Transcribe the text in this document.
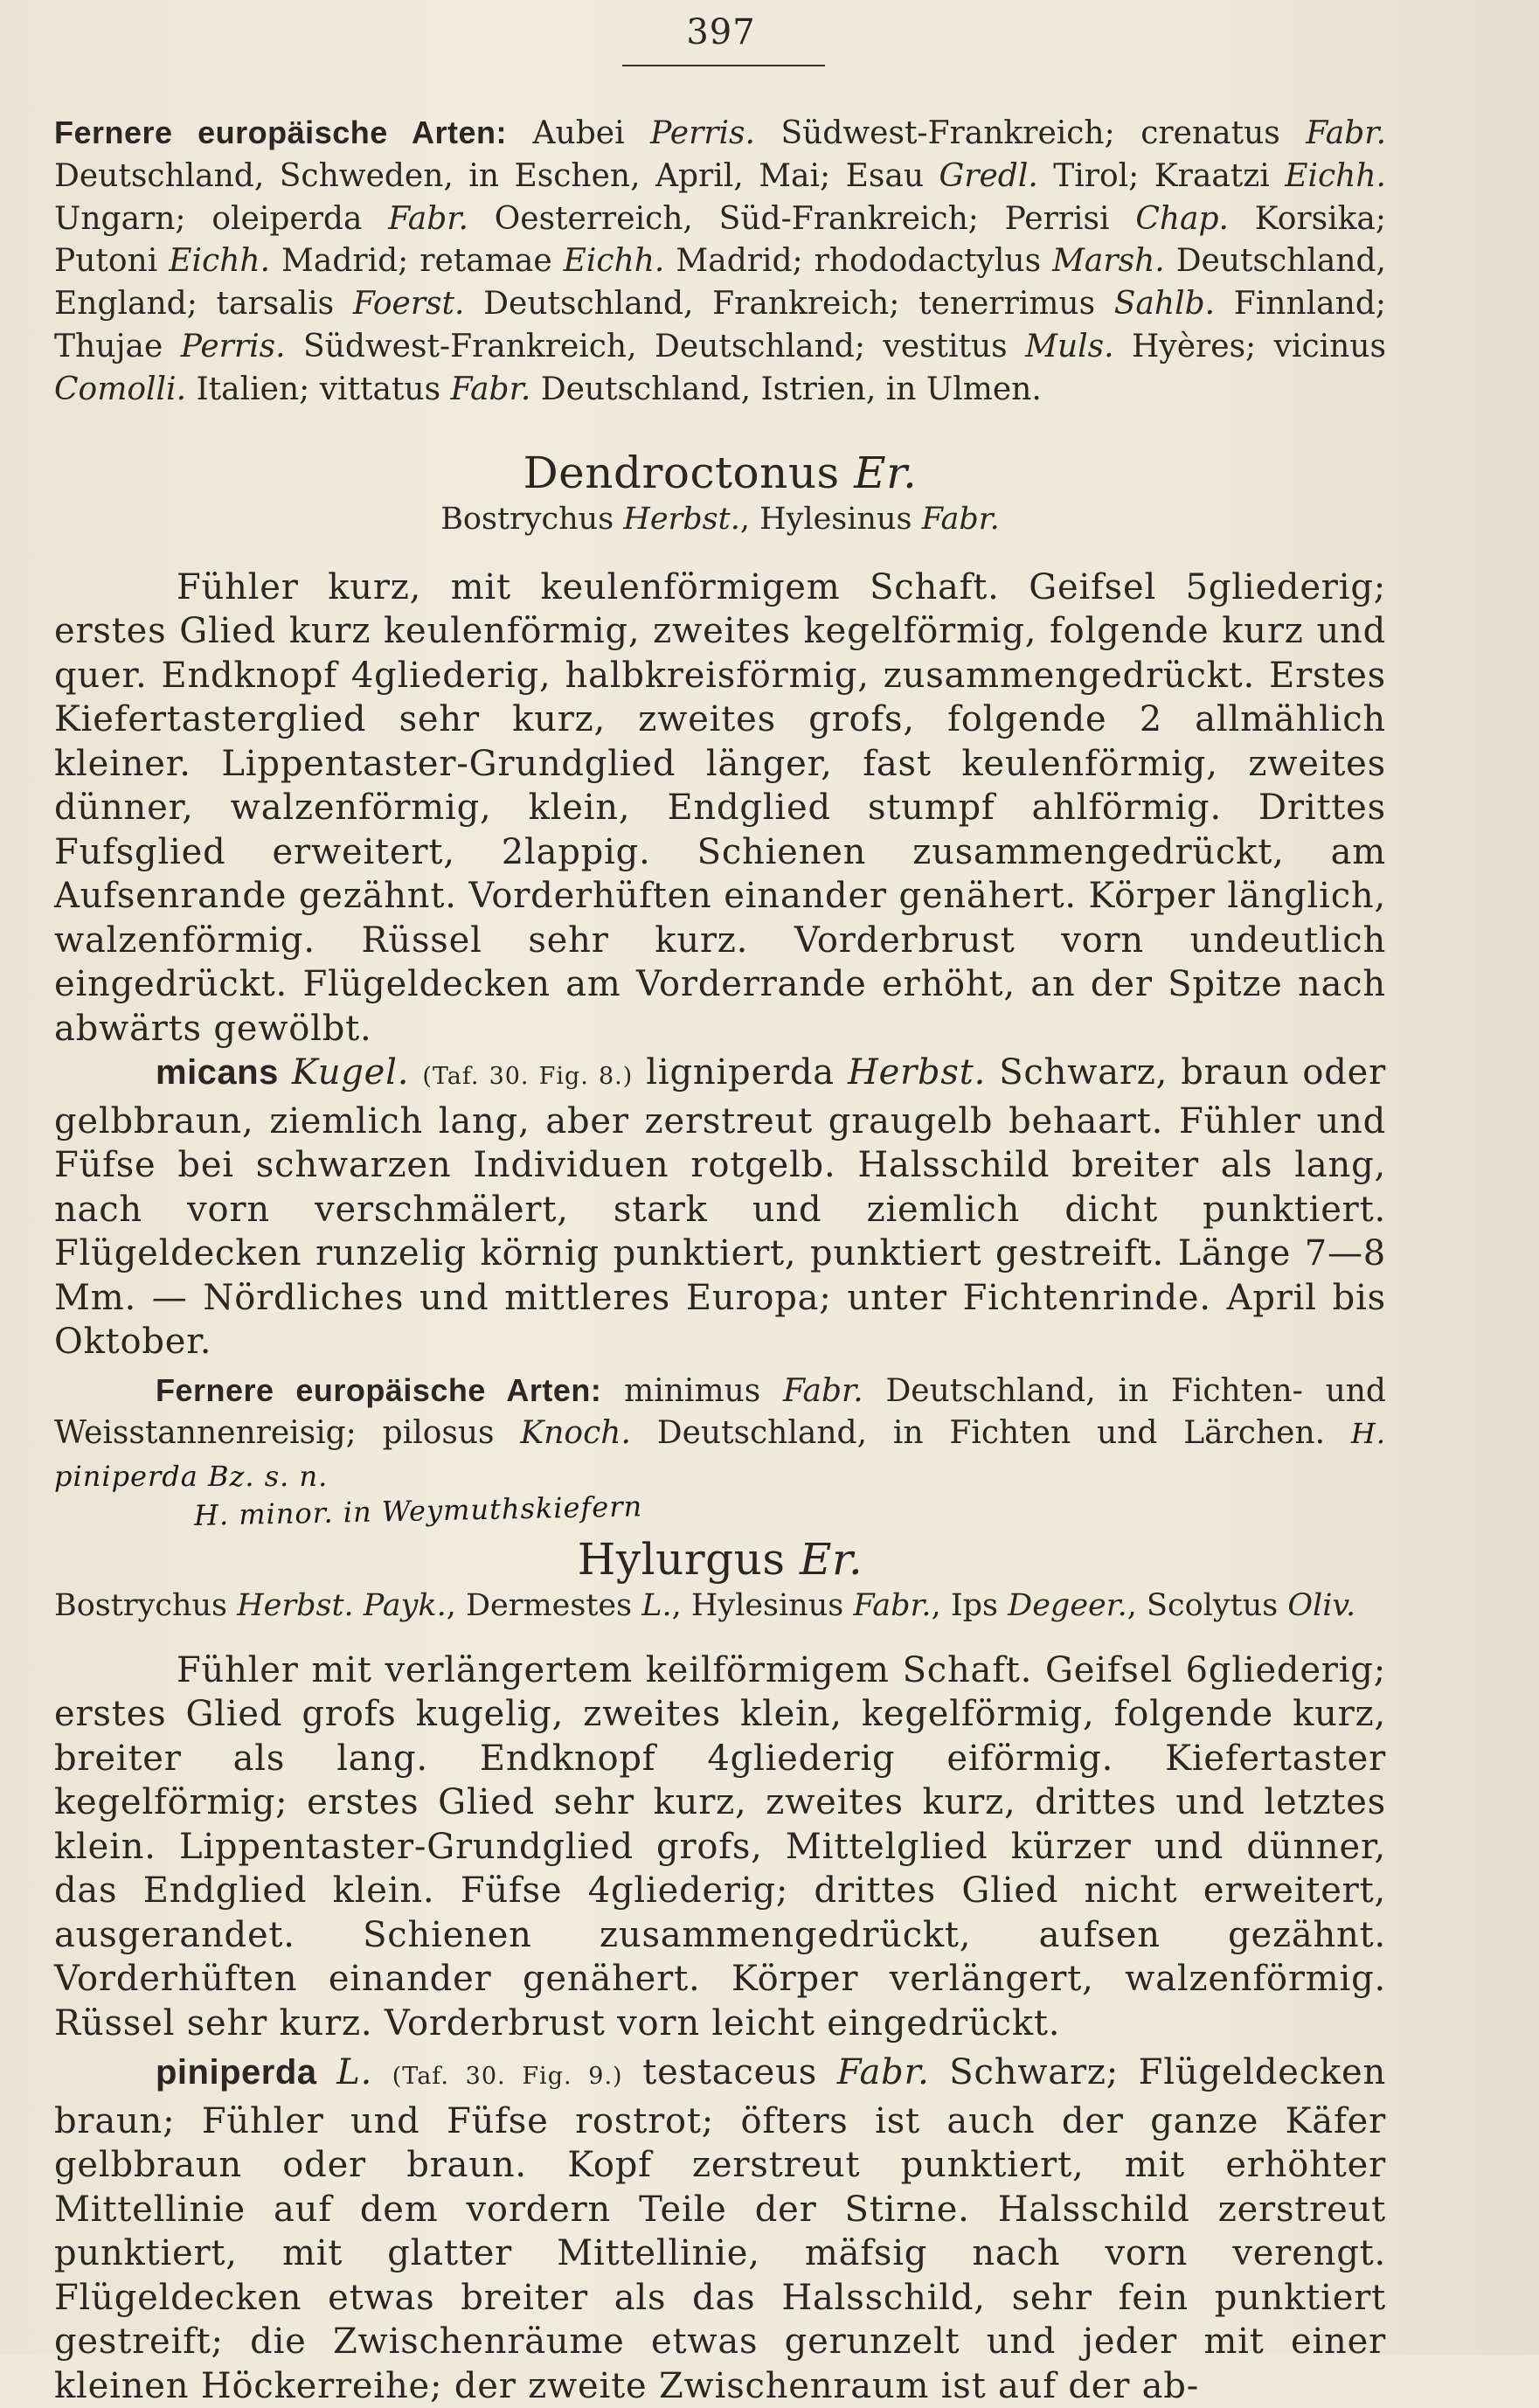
397

Fernere europäische Arten: Aubei Perris. Südwest-Frankreich; crenatus Fabr. Deutschland, Schweden, in Eschen, April, Mai; Esau Gredl. Tirol; Kraatzi Eichh. Ungarn; oleiperda Fabr. Oesterreich, Süd-Frankreich; Perrisi Chap. Korsika; Putoni Eichh. Madrid; retamae Eichh. Madrid; rhododactylus Marsh. Deutschland, England; tarsalis Foerst. Deutschland, Frankreich; tenerrimus Sahlb. Finnland; Thujae Perris. Südwest-Frankreich, Deutschland; vestitus Muls. Hyères; vicinus Comolli. Italien; vittatus Fabr. Deutschland, Istrien, in Ulmen.

Dendroctonus Er.

Bostrychus Herbst., Hylesinus Fabr.

Fühler kurz, mit keulenförmigem Schaft. Geifsel 5gliederig; erstes Glied kurz keulenförmig, zweites kegelförmig, folgende kurz und quer. Endknopf 4gliederig, halbkreisförmig, zusammengedrückt. Erstes Kiefertasterglied sehr kurz, zweites grofs, folgende 2 allmählich kleiner. Lippentaster-Grundglied länger, fast keulenförmig, zweites dünner, walzenförmig, klein, Endglied stumpf ahlförmig. Drittes Fufsglied erweitert, 2lappig. Schienen zusammengedrückt, am Aufsenrande gezähnt. Vorderhüften einander genähert. Körper länglich, walzenförmig. Rüssel sehr kurz. Vorderbrust vorn undeutlich eingedrückt. Flügeldecken am Vorderrande erhöht, an der Spitze nach abwärts gewölbt.

micans Kugel. (Taf. 30. Fig. 8.) ligniperda Herbst. Schwarz, braun oder gelbbraun, ziemlich lang, aber zerstreut graugelb behaart. Fühler und Füfse bei schwarzen Individuen rotgelb. Halsschild breiter als lang, nach vorn verschmälert, stark und ziemlich dicht punktiert. Flügeldecken runzelig körnig punktiert, punktiert gestreift. Länge 7—8 Mm. — Nördliches und mittleres Europa; unter Fichtenrinde. April bis Oktober.

Fernere europäische Arten: minimus Fabr. Deutschland, in Fichten- und Weisstannenreisig; pilosus Knoch. Deutschland, in Fichten und Lärchen. H. piniperda Bz. s. n.

H. minor. in Weymuthskiefern

Hylurgus Er.

Bostrychus Herbst. Payk., Dermestes L., Hylesinus Fabr., Ips Degeer., Scolytus Oliv.

Fühler mit verlängertem keilförmigem Schaft. Geifsel 6gliederig; erstes Glied grofs kugelig, zweites klein, kegelförmig, folgende kurz, breiter als lang. Endknopf 4gliederig eiförmig. Kiefertaster kegelförmig; erstes Glied sehr kurz, zweites kurz, drittes und letztes klein. Lippentaster-Grundglied grofs, Mittelglied kürzer und dünner, das Endglied klein. Füfse 4gliederig; drittes Glied nicht erweitert, ausgerandet. Schienen zusammengedrückt, aufsen gezähnt. Vorderhüften einander genähert. Körper verlängert, walzenförmig. Rüssel sehr kurz. Vorderbrust vorn leicht eingedrückt.

piniperda L. (Taf. 30. Fig. 9.) testaceus Fabr. Schwarz; Flügeldecken braun; Fühler und Füfse rostrot; öfters ist auch der ganze Käfer gelbbraun oder braun. Kopf zerstreut punktiert, mit erhöhter Mittellinie auf dem vordern Teile der Stirne. Halsschild zerstreut punktiert, mit glatter Mittellinie, mäfsig nach vorn verengt. Flügeldecken etwas breiter als das Halsschild, sehr fein punktiert gestreift; die Zwischenräume etwas gerunzelt und jeder mit einer kleinen Höckerreihe; der zweite Zwischenraum ist auf der ab-
